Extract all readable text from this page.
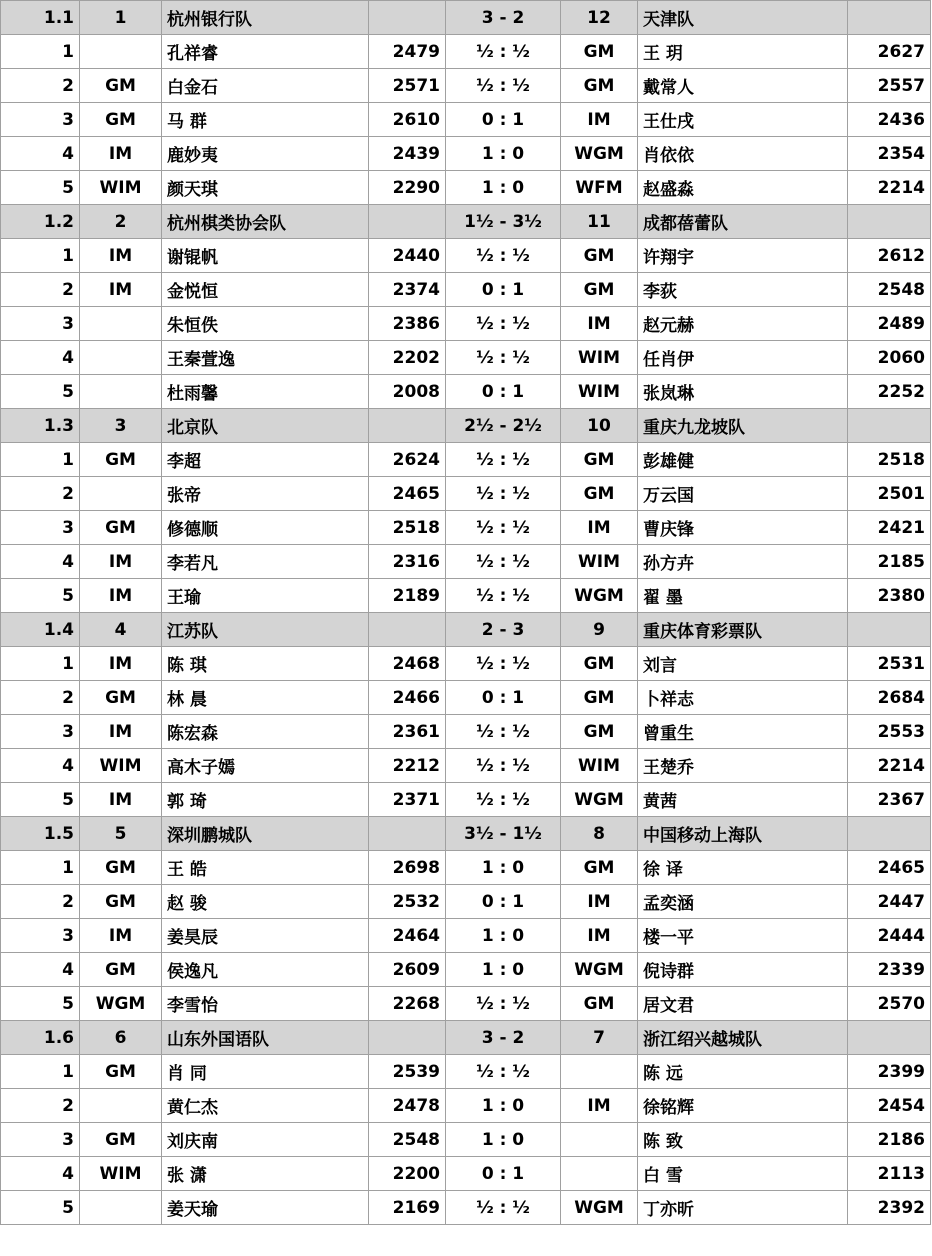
1.1	1	杭州银行队		3 - 2	12	天津队	
1		孔祥睿	2479	½ : ½	GM	王 玥	2627
2	GM	白金石	2571	½ : ½	GM	戴常人	2557
3	GM	马 群	2610	0 : 1	IM	王仕戌	2436
4	IM	鹿妙夷	2439	1 : 0	WGM	肖依依	2354
5	WIM	颜天琪	2290	1 : 0	WFM	赵盛淼	2214
1.2	2	杭州棋类协会队		1½ - 3½	11	成都蓓蕾队	
1	IM	谢锟帆	2440	½ : ½	GM	许翔宇	2612
2	IM	金悦恒	2374	0 : 1	GM	李荻	2548
3		朱恒佚	2386	½ : ½	IM	赵元赫	2489
4		王秦萱逸	2202	½ : ½	WIM	任肖伊	2060
5		杜雨馨	2008	0 : 1	WIM	张岚琳	2252
1.3	3	北京队		2½ - 2½	10	重庆九龙坡队	
1	GM	李超	2624	½ : ½	GM	彭雄健	2518
2		张帝	2465	½ : ½	GM	万云国	2501
3	GM	修德顺	2518	½ : ½	IM	曹庆锋	2421
4	IM	李若凡	2316	½ : ½	WIM	孙方卉	2185
5	IM	王瑜	2189	½ : ½	WGM	翟 墨	2380
1.4	4	江苏队		2 - 3	9	重庆体育彩票队	
1	IM	陈 琪	2468	½ : ½	GM	刘言	2531
2	GM	林 晨	2466	0 : 1	GM	卜祥志	2684
3	IM	陈宏森	2361	½ : ½	GM	曾重生	2553
4	WIM	高木子嫣	2212	½ : ½	WIM	王楚乔	2214
5	IM	郭 琦	2371	½ : ½	WGM	黄茜	2367
1.5	5	深圳鹏城队		3½ - 1½	8	中国移动上海队	
1	GM	王 皓	2698	1 : 0	GM	徐 译	2465
2	GM	赵 骏	2532	0 : 1	IM	孟奕涵	2447
3	IM	姜昊辰	2464	1 : 0	IM	楼一平	2444
4	GM	侯逸凡	2609	1 : 0	WGM	倪诗群	2339
5	WGM	李雪怡	2268	½ : ½	GM	居文君	2570
1.6	6	山东外国语队		3 - 2	7	浙江绍兴越城队	
1	GM	肖 同	2539	½ : ½		陈 远	2399
2		黄仁杰	2478	1 : 0	IM	徐铭辉	2454
3	GM	刘庆南	2548	1 : 0		陈 致	2186
4	WIM	张 潇	2200	0 : 1		白 雪	2113
5		姜天瑜	2169	½ : ½	WGM	丁亦昕	2392
